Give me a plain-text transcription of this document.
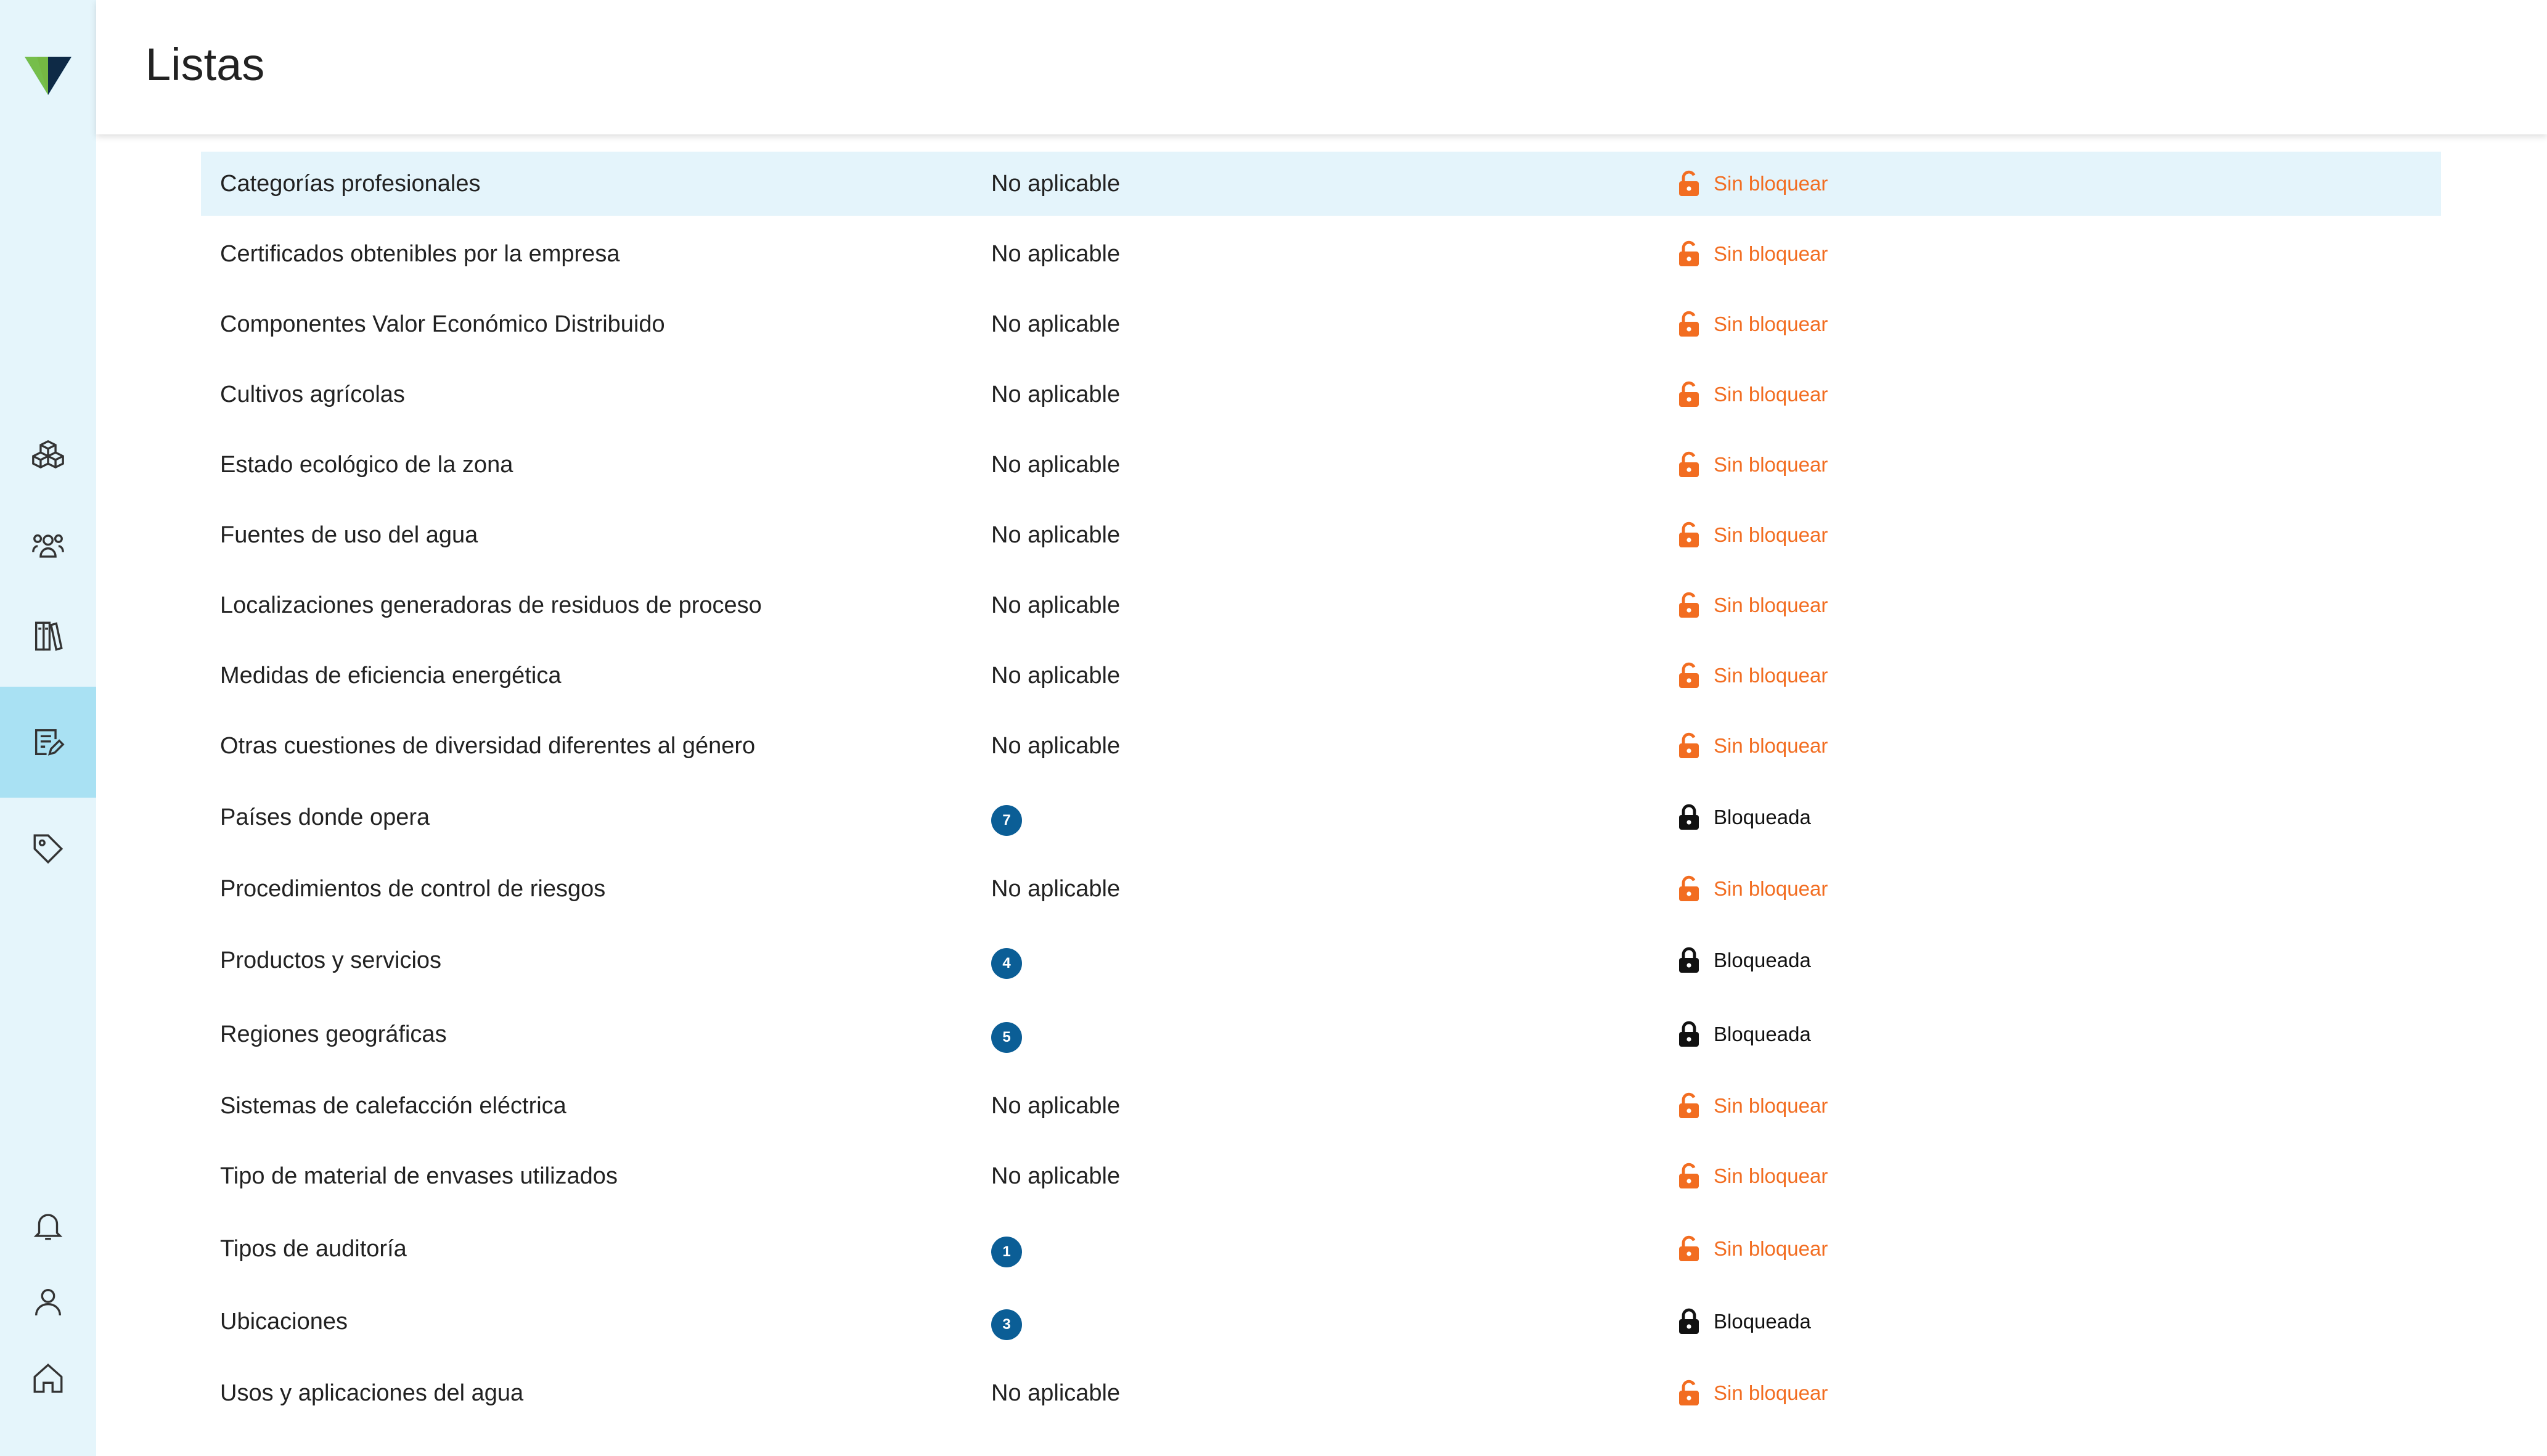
Listas
Categorías profesionales	No aplicable	Sin bloquear
Certificados obtenibles por la empresa	No aplicable	Sin bloquear
Componentes Valor Económico Distribuido	No aplicable	Sin bloquear
Cultivos agrícolas	No aplicable	Sin bloquear
Estado ecológico de la zona	No aplicable	Sin bloquear
Fuentes de uso del agua	No aplicable	Sin bloquear
Localizaciones generadoras de residuos de proceso	No aplicable	Sin bloquear
Medidas de eficiencia energética	No aplicable	Sin bloquear
Otras cuestiones de diversidad diferentes al género	No aplicable	Sin bloquear
Países donde opera	7	Bloqueada
Procedimientos de control de riesgos	No aplicable	Sin bloquear
Productos y servicios	4	Bloqueada
Regiones geográficas	5	Bloqueada
Sistemas de calefacción eléctrica	No aplicable	Sin bloquear
Tipo de material de envases utilizados	No aplicable	Sin bloquear
Tipos de auditoría	1	Sin bloquear
Ubicaciones	3	Bloqueada
Usos y aplicaciones del agua	No aplicable	Sin bloquear
